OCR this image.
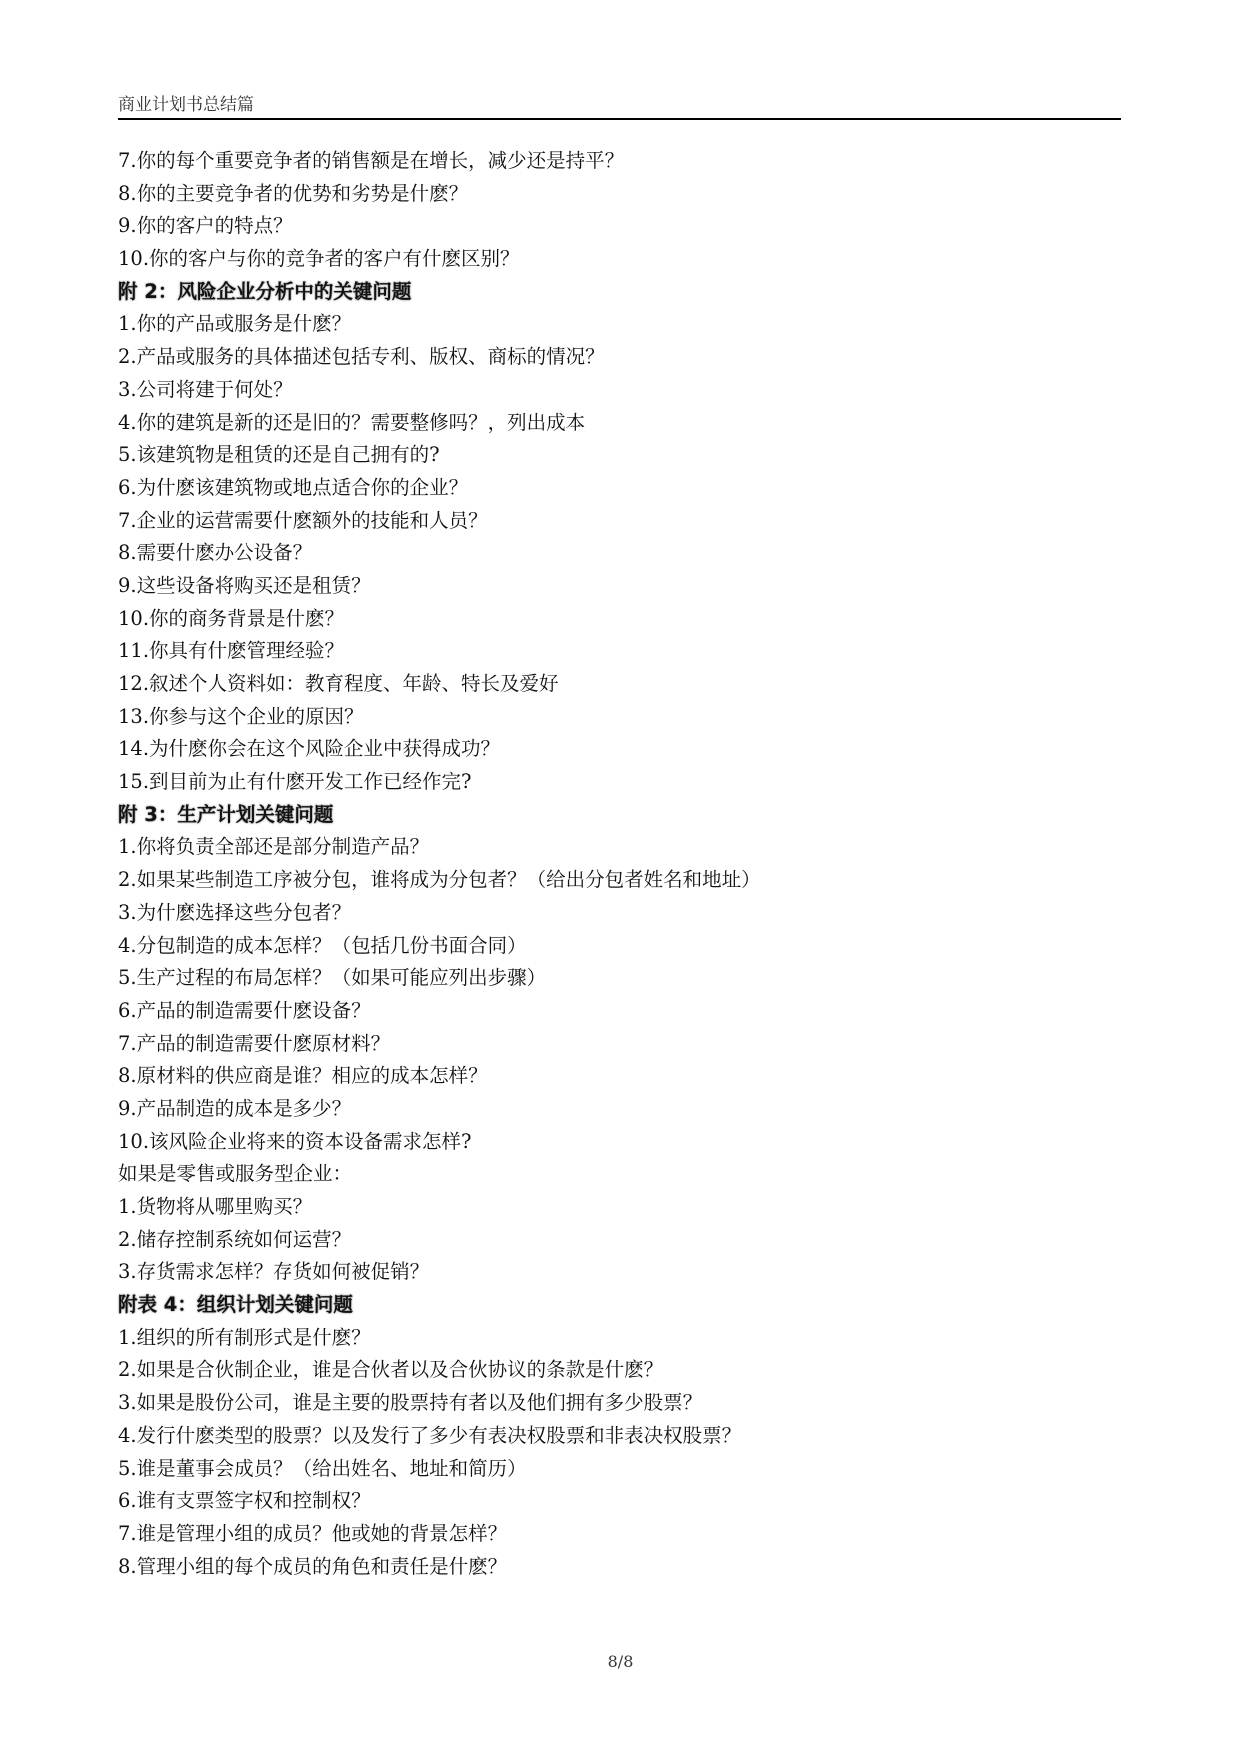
商业计划书总结篇
7.你的每个重要竞争者的销售额是在增长，减少还是持平？
8.你的主要竞争者的优势和劣势是什麽？
9.你的客户的特点？
10.你的客户与你的竞争者的客户有什麽区别？
附 2：风险企业分析中的关键问题
1.你的产品或服务是什麽？
2.产品或服务的具体描述包括专利、版权、商标的情况？
3.公司将建于何处？
4.你的建筑是新的还是旧的？需要整修吗？，列出成本
5.该建筑物是租赁的还是自己拥有的?
6.为什麽该建筑物或地点适合你的企业？
7.企业的运营需要什麽额外的技能和人员？
8.需要什麽办公设备？
9.这些设备将购买还是租赁？
10.你的商务背景是什麽？
11.你具有什麽管理经验？
12.叙述个人资料如：教育程度、年龄、特长及爱好
13.你参与这个企业的原因？
14.为什麽你会在这个风险企业中获得成功？
15.到目前为止有什麽开发工作已经作完?
附 3：生产计划关键问题
1.你将负责全部还是部分制造产品？
2.如果某些制造工序被分包，谁将成为分包者？（给出分包者姓名和地址）
3.为什麽选择这些分包者？
4.分包制造的成本怎样？（包括几份书面合同）
5.生产过程的布局怎样？（如果可能应列出步骤）
6.产品的制造需要什麽设备？
7.产品的制造需要什麽原材料？
8.原材料的供应商是谁？相应的成本怎样？
9.产品制造的成本是多少？
10.该风险企业将来的资本设备需求怎样?
如果是零售或服务型企业：
1.货物将从哪里购买？
2.储存控制系统如何运营？
3.存货需求怎样？存货如何被促销？
附表 4：组织计划关键问题
1.组织的所有制形式是什麽？
2.如果是合伙制企业，谁是合伙者以及合伙协议的条款是什麽？
3.如果是股份公司，谁是主要的股票持有者以及他们拥有多少股票？
4.发行什麽类型的股票？以及发行了多少有表决权股票和非表决权股票？
5.谁是董事会成员？（给出姓名、地址和简历）
6.谁有支票签字权和控制权？
7.谁是管理小组的成员？他或她的背景怎样？
8.管理小组的每个成员的角色和责任是什麽？
8/8
